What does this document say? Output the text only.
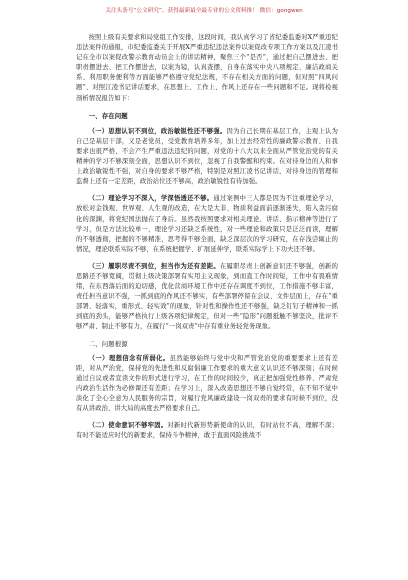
关注头条号“公文研究”，获得最新最全最专业的公文资料推！ 微信：gongwen

按照上级有关要求和局党组工作安排，这段时间，我认真学习了省纪委监委对X严重违纪违法案件的通报，市纪委监委关于开展X严重违纪违法案件以案促改专项工作方案以及江凌书记在全市以案促改警示教育动员会上的讲话精神，聚焦三个“是否”，通过把自己摆进去、把职责摆进去、把工作摆进去，以案为镜，认真查摆，自身在落实中央八项规定、廉洁政商关系、利用职务便利等方面能够严格遵守党纪法规，不存在相关方面的问题，但对照“四风问题”、对照江凌书记讲话要求，在思想上、工作上、作风上还存在一些问题和不足。现将检视剖析情况报告如下：

一、存在问题

（一）思想认识不到位，政治敏锐性还不够强。因为自己长期在基层工作，主观上认为自己是基层干部，又是老党员，受党教育培养多年，加上过去经常性的廉政警示教育、自我要求也很严格，不会产生严重违法违纪的问题，对党的十八大以来全面从严管党治党的有关精神的学习不够深刻全面，思想认识不到位，忽视了自我警醒和约束。在对待身边的人和事上政治敏锐性不强，对自身的要求不够严格，特别是对照江凌书记讲话，对待身边的管理和监督上还有一定差距，政治站位还不够高，政治敏锐性有待加强。

（二）理论学习不深入，学深悟透还不够。通过案例中三人都是因为不注重理论学习，放松对金钱观、世界观、人生观的改造，在大是大非、物质利益面前逐渐迷失，陷入贪污腐化的深渊，将党纪国法抛在了身后。虽然我按照要求对相关理论、讲话、指示精神等进行了学习，但是方法比较单一，理论学习还缺乏系统性，对一些理论和政策只是泛泛而读，理解的不够透彻，把握的不够精准，思考得不够全面，缺乏深层次的学习研究，在存浅尝辄止的情况，理论联系实际不够，在系统把握学、扩展延伸学，联系实际学上下功夫还不够。

（三）履职尽责不到位，担当作为还有差距。在履职尽责上创新意识还不够强，创新的思路还不够宽阔，贯彻上级决策部署有实用主义现象，到而直工作时间短，工作中有畏难情绪，在东西落后面的迫切感，优化营商环境工作中还存在调度不到位，工作措施不够丰富，责任担当意识不强，一抓到底的作风还不够实，有些部署停留在会议、文件层面上，存在“重部署、轻落实，重形式、轻实效”的现象，针对性和操作性还不够强，缺乏钉钉子精神和一抓到底的劲头，能够严格执行上级各项纪律规定，但对一些“隐形”问题抵触不够坚决，批评不够严肃、制止不够有力，在履行“一岗双责”中存有重业务轻党务现象。

二、问题根源

（一）理想信念有所弱化。虽然能够始终与党中央和严管党治党的重要要求上还有差距，对从严治党，保持党的先进性和反腐倡廉工作要求的重大意义认识还不够深刻；在时候通过自议或者宣读文件的形式进行学习，在工作的时间较少，真正把加强党性修养、严肃党内政治生活作为必修课还有差距；在学习上，深入改造思想还不够自觉经常，在不知不觉中淡化了全心全意为人民服务的宗旨，对履行党风廉政建设一岗双责的要求有时候不到位，没有从讲政治、讲大局的高度去严格要求自己。

（二）使命意识不够牢固。对新时代新形势新使命的认识，有时站位不高，理解不深；有时不能适应时代的新要求，保持斗争精神，敢于直面风险挑战不
